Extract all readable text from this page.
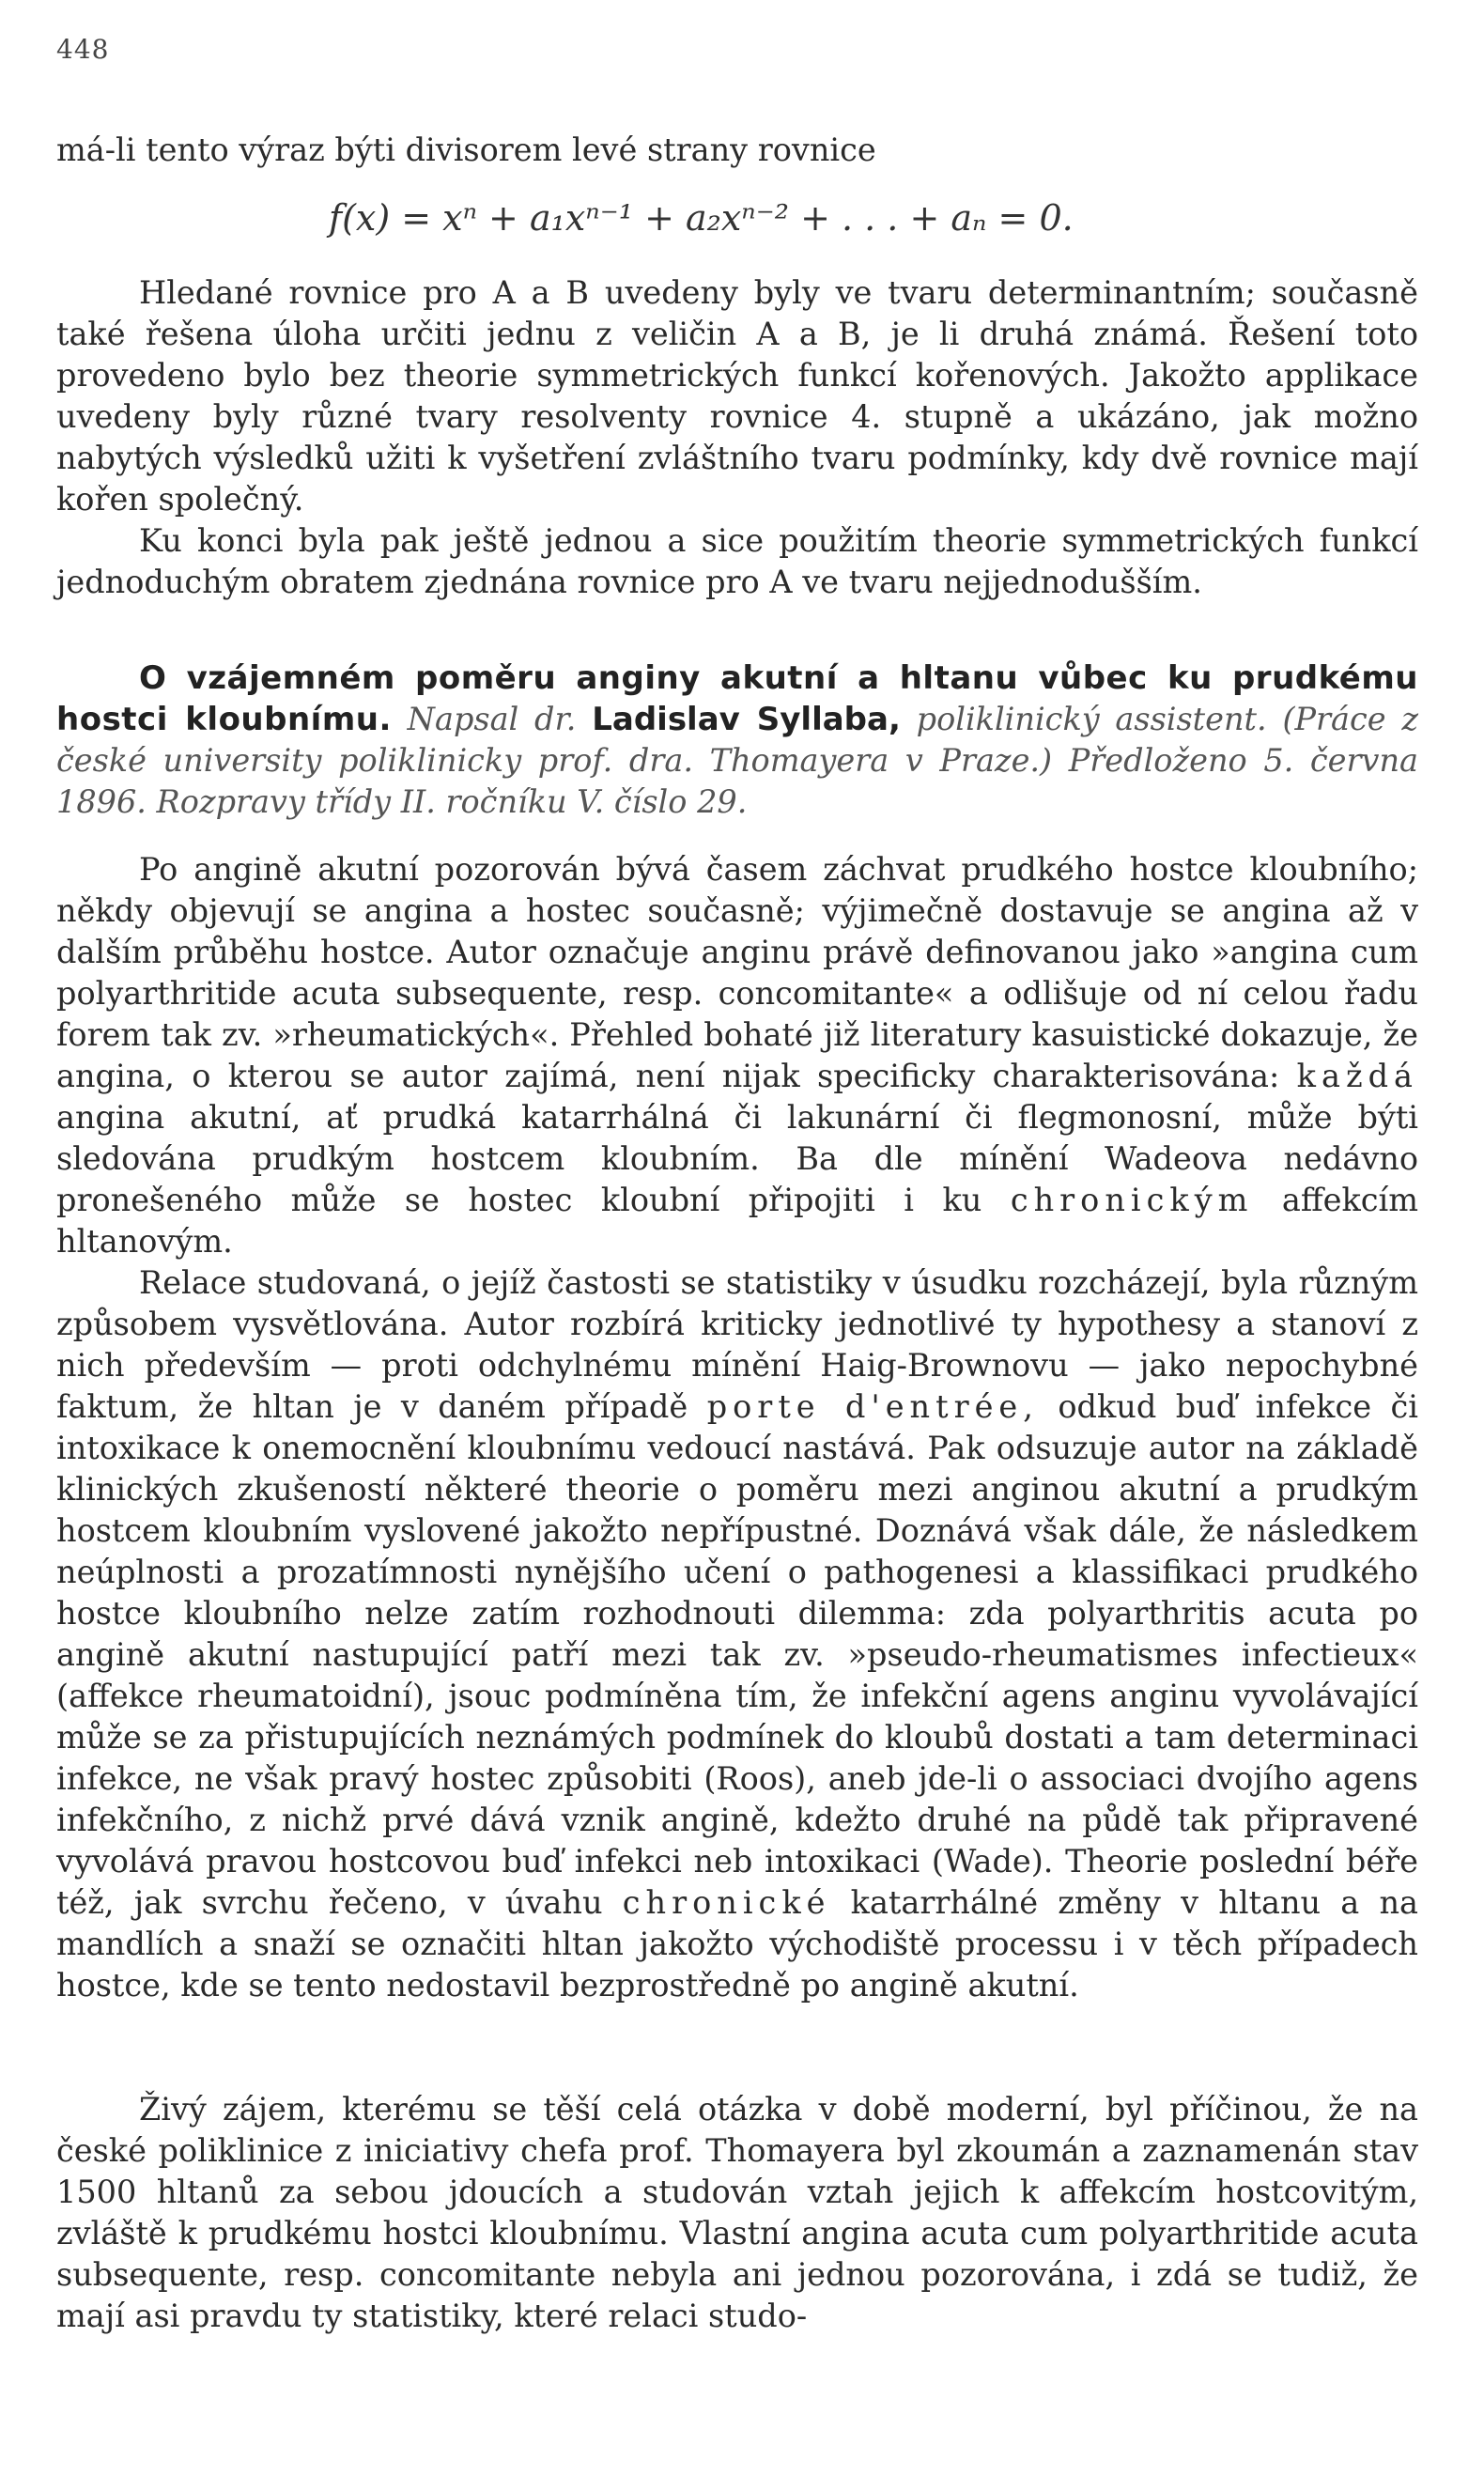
448

má-li tento výraz býti divisorem levé strany rovnice

f(x) = xⁿ + a₁xⁿ⁻¹ + a₂xⁿ⁻² + . . . + aₙ = 0.

Hledané rovnice pro A a B uvedeny byly ve tvaru determinantním; současně také řešena úloha určiti jednu z veličin A a B, je li druhá známá. Řešení toto provedeno bylo bez theorie symmetrických funkcí kořenových. Jakožto applikace uvedeny byly různé tvary resolventy rovnice 4. stupně a ukázáno, jak možno nabytých výsledků užiti k vyšetření zvláštního tvaru podmínky, kdy dvě rovnice mají kořen společný.

Ku konci byla pak ještě jednou a sice použitím theorie symmetrických funkcí jednoduchým obratem zjednána rovnice pro A ve tvaru nejjednodušším.

O vzájemném poměru anginy akutní a hltanu vůbec ku prudkému hostci kloubnímu. Napsal dr. Ladislav Syllaba, poliklinický assistent. (Práce z české university poliklinicky prof. dra. Thomayera v Praze.) Předloženo 5. června 1896. Rozpravy třídy II. ročníku V. číslo 29.

Po angině akutní pozorován bývá časem záchvat prudkého hostce kloubního; někdy objevují se angina a hostec současně; výjimečně dostavuje se angina až v dalším průběhu hostce. Autor označuje anginu právě definovanou jako »angina cum polyarthritide acuta subsequente, resp. concomitante« a odlišuje od ní celou řadu forem tak zv. »rheumatických«. Přehled bohaté již literatury kasuistické dokazuje, že angina, o kterou se autor zajímá, není nijak specificky charakterisována: každá angina akutní, ať prudká katarrhálná či lakunární či flegmonosní, může býti sledována prudkým hostcem kloubním. Ba dle mínění Wadeova nedávno pronešeného může se hostec kloubní připojiti i ku chronickým affekcím hltanovým.

Relace studovaná, o jejíž častosti se statistiky v úsudku rozcházejí, byla různým způsobem vysvětlována. Autor rozbírá kriticky jednotlivé ty hypothesy a stanoví z nich především — proti odchylnému mínění Haig-Brownovu — jako nepochybné faktum, že hltan je v daném případě porte d'entrée, odkud buď infekce či intoxikace k onemocnění kloubnímu vedoucí nastává. Pak odsuzuje autor na základě klinických zkušeností některé theorie o poměru mezi anginou akutní a prudkým hostcem kloubním vyslovené jakožto nepřípustné. Doznává však dále, že následkem neúplnosti a prozatímnosti nynějšího učení o pathogenesi a klassifikaci prudkého hostce kloubního nelze zatím rozhodnouti dilemma: zda polyarthritis acuta po angině akutní nastupující patří mezi tak zv. »pseudo-rheumatismes infectieux« (affekce rheumatoidní), jsouc podmíněna tím, že infekční agens anginu vyvolávající může se za přistupujících neznámých podmínek do kloubů dostati a tam determinaci infekce, ne však pravý hostec způsobiti (Roos), aneb jde-li o associaci dvojího agens infekčního, z nichž prvé dává vznik angině, kdežto druhé na půdě tak připravené vyvolává pravou hostcovou buď infekci neb intoxikaci (Wade). Theorie poslední béře též, jak svrchu řečeno, v úvahu chronické katarrhálné změny v hltanu a na mandlích a snaží se označiti hltan jakožto východiště processu i v těch případech hostce, kde se tento nedostavil bezprostředně po angině akutní.

Živý zájem, kterému se těší celá otázka v době moderní, byl příčinou, že na české poliklinice z iniciativy chefa prof. Thomayera byl zkoumán a zaznamenán stav 1500 hltanů za sebou jdoucích a studován vztah jejich k affekcím hostcovitým, zvláště k prudkému hostci kloubnímu. Vlastní angina acuta cum polyarthritide acuta subsequente, resp. concomitante nebyla ani jednou pozorována, i zdá se tudiž, že mají asi pravdu ty statistiky, které relaci studo-
